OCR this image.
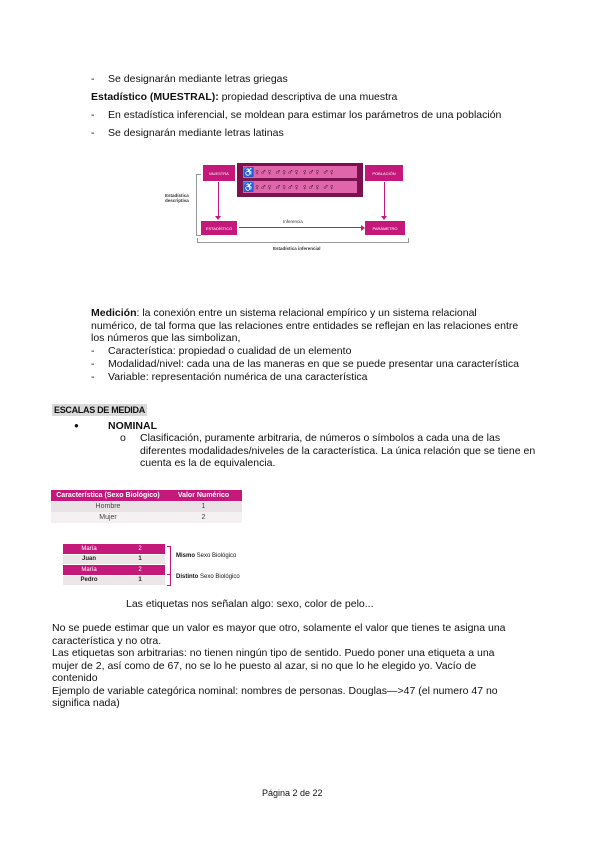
- Se designarán mediante letras griegas
Estadístico (MUESTRAL): propiedad descriptiva de una muestra
- En estadística inferencial, se moldean para estimar los parámetros de una población
- Se designarán mediante letras latinas
MUESTRA	♿♀♂♀ ♂♀♂♀ ♀♂♀ ♂♀
♿♀♂♀ ♂♀♂♀ ♀♂♀ ♂♀
POBLACIÓN
ESTADÍSTICO	PARÁMETRO
Inferencia
Estadística descriptiva
Estadística inferencial
Medición: la conexión entre un sistema relacional empírico y un sistema relacional
numérico, de tal forma que las relaciones entre entidades se reflejan en las relaciones entre
los números que las simbolizan,
- Característica: propiedad o cualidad de un elemento
- Modalidad/nivel: cada una de las maneras en que se puede presentar una característica
- Variable: representación numérica de una característica
ESCALAS DE MEDIDA
●	NOMINAL
o Clasificación, puramente arbitraria, de números o símbolos a cada una de las
diferentes modalidades/niveles de la característica. La única relación que se tiene en
cuenta es la de equivalencia.
Característica (Sexo Biológico)	Valor Numérico
Hombre	1
Mujer	2
María	2
Juan	1
María	2
Pedro	1
Mismo Sexo Biológico
Distinto Sexo Biológico
Las etiquetas nos señalan algo: sexo, color de pelo...
No se puede estimar que un valor es mayor que otro, solamente el valor que tienes te asigna una
característica y no otra.
Las etiquetas son arbitrarias: no tienen ningún tipo de sentido. Puedo poner una etiqueta a una
mujer de 2, así como de 67, no se lo he puesto al azar, si no que lo he elegido yo. Vacío de
contenido
Ejemplo de variable categórica nominal: nombres de personas. Douglas—>47 (el numero 47 no
significa nada)
Página 2 de 22
